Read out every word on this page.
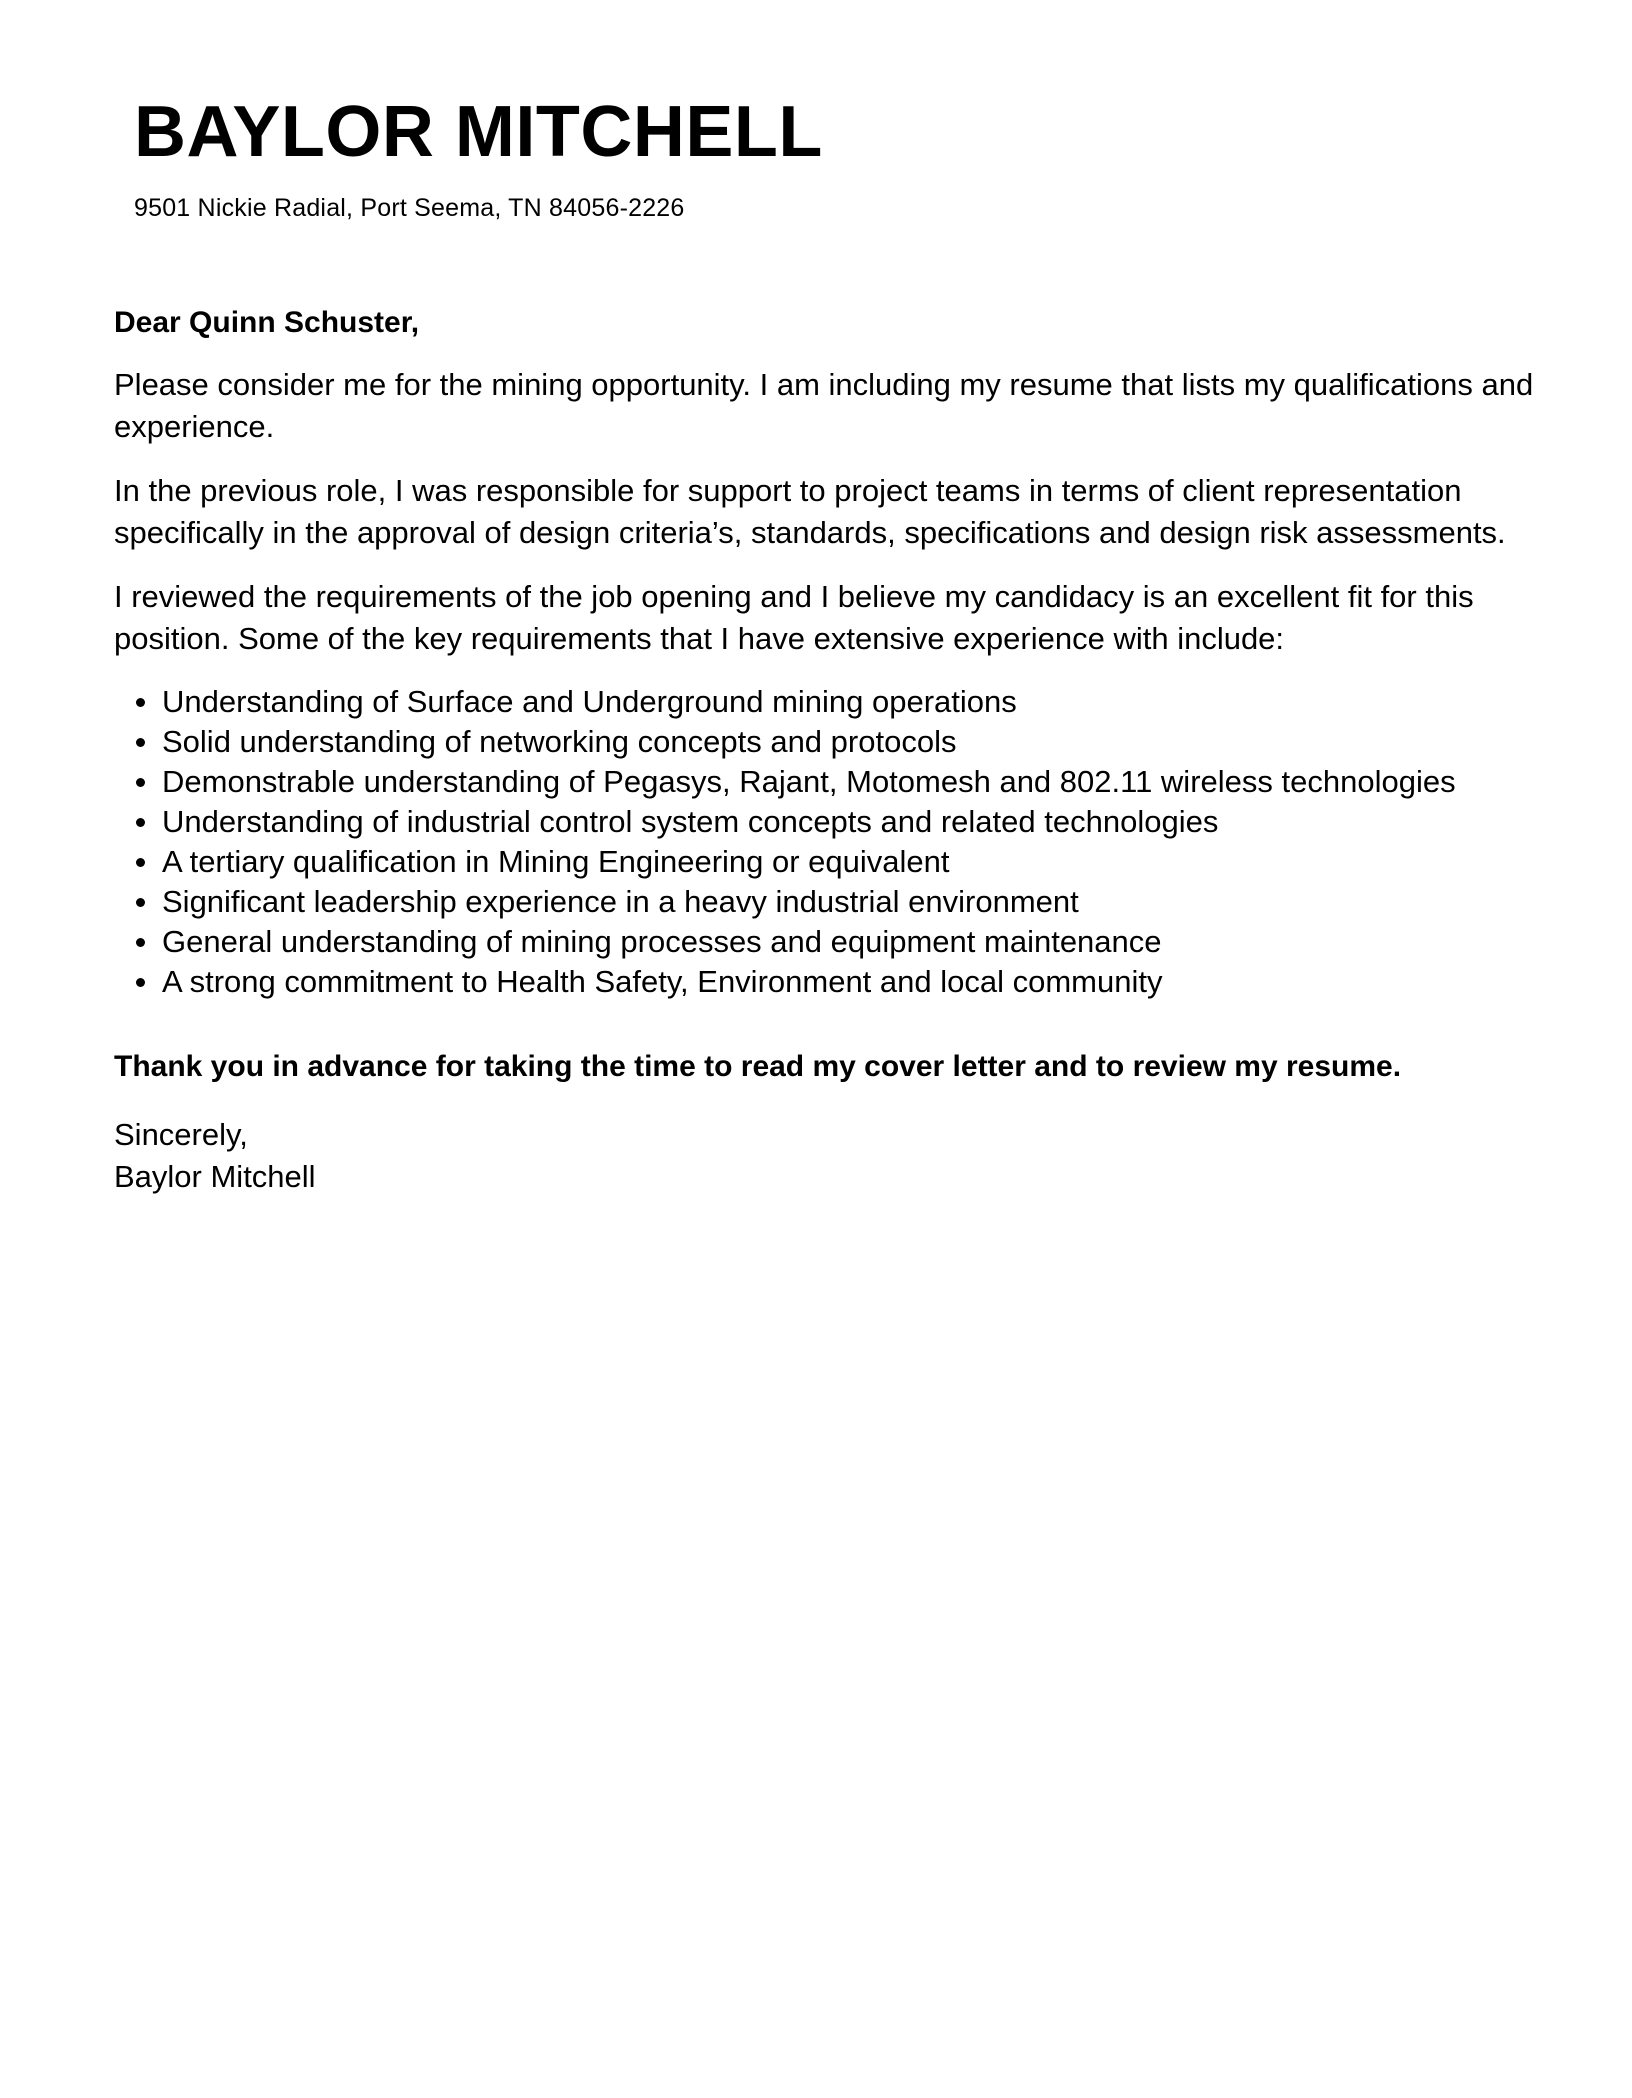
BAYLOR MITCHELL
9501 Nickie Radial, Port Seema, TN 84056-2226

Dear Quinn Schuster,

Please consider me for the mining opportunity. I am including my resume that lists my qualifications and experience.

In the previous role, I was responsible for support to project teams in terms of client representation specifically in the approval of design criteria’s, standards, specifications and design risk assessments.

I reviewed the requirements of the job opening and I believe my candidacy is an excellent fit for this position. Some of the key requirements that I have extensive experience with include:

Understanding of Surface and Underground mining operations
Solid understanding of networking concepts and protocols
Demonstrable understanding of Pegasys, Rajant, Motomesh and 802.11 wireless technologies
Understanding of industrial control system concepts and related technologies
A tertiary qualification in Mining Engineering or equivalent
Significant leadership experience in a heavy industrial environment
General understanding of mining processes and equipment maintenance
A strong commitment to Health Safety, Environment and local community

Thank you in advance for taking the time to read my cover letter and to review my resume.

Sincerely,

Baylor Mitchell
